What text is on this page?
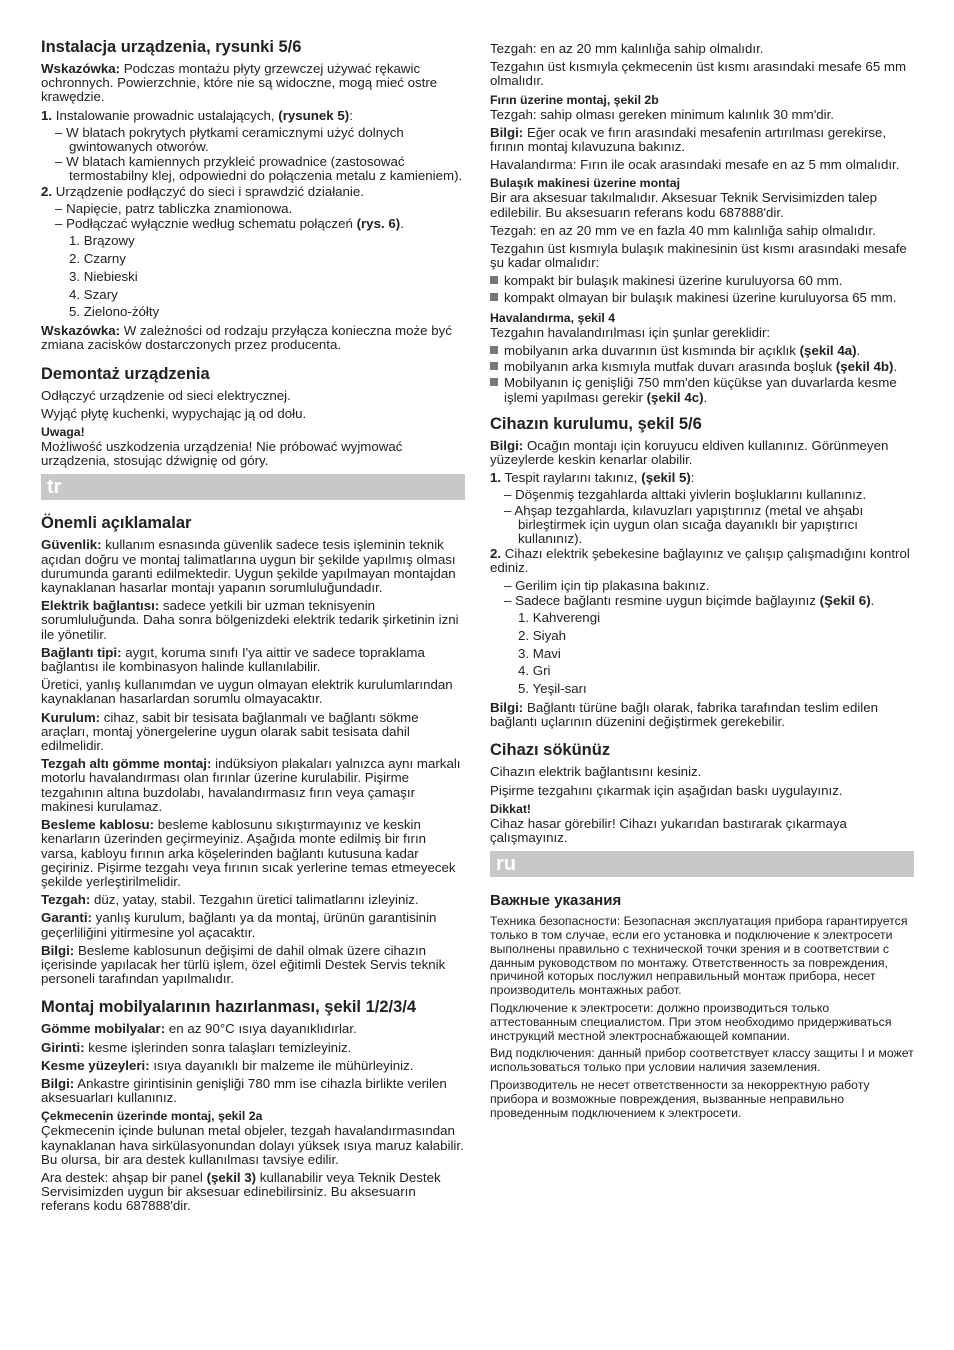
Instalacja urządzenia, rysunki 5/6

Wskazówka: Podczas montażu płyty grzewczej używać rękawic ochronnych. Powierzchnie, które nie są widoczne, mogą mieć ostre krawędzie.

1. Instalowanie prowadnic ustalających, (rysunek 5):

– W blatach pokrytych płytkami ceramicznymi użyć dolnych gwintowanych otworów.

– W blatach kamiennych przykleić prowadnice (zastosować termostabilny klej, odpowiedni do połączenia metalu z kamieniem).

2. Urządzenie podłączyć do sieci i sprawdzić działanie.

– Napięcie, patrz tabliczka znamionowa.

– Podłączać wyłącznie według schematu połączeń (rys. 6).

1. Brązowy
2. Czarny
3. Niebieski
4. Szary
5. Zielono-żółty

Wskazówka: W zależności od rodzaju przyłącza konieczna może być zmiana zacisków dostarczonych przez producenta.

Demontaż urządzenia

Odłączyć urządzenie od sieci elektrycznej.

Wyjąć płytę kuchenki, wypychając ją od dołu.

Uwaga!

Możliwość uszkodzenia urządzenia! Nie próbować wyjmować urządzenia, stosując dźwignię od góry.

tr
Önemli açıklamalar

Güvenlik: kullanım esnasında güvenlik sadece tesis işleminin teknik açıdan doğru ve montaj talimatlarına uygun bir şekilde yapılmış olması durumunda garanti edilmektedir. Uygun şekilde yapılmayan montajdan kaynaklanan hasarlar montajı yapanın sorumluluğundadır.

Elektrik bağlantısı: sadece yetkili bir uzman teknisyenin sorumluluğunda. Daha sonra bölgenizdeki elektrik tedarik şirketinin izni ile yönetilir.

Bağlantı tipi: aygıt, koruma sınıfı I'ya aittir ve sadece topraklama bağlantısı ile kombinasyon halinde kullanılabilir.

Üretici, yanlış kullanımdan ve uygun olmayan elektrik kurulumlarından kaynaklanan hasarlardan sorumlu olmayacaktır.

Kurulum: cihaz, sabit bir tesisata bağlanmalı ve bağlantı sökme araçları, montaj yönergelerine uygun olarak sabit tesisata dahil edilmelidir.

Tezgah altı gömme montaj: indüksiyon plakaları yalnızca aynı markalı motorlu havalandırması olan fırınlar üzerine kurulabilir. Pişirme tezgahının altına buzdolabı, havalandırmasız fırın veya çamaşır makinesi kurulamaz.

Besleme kablosu: besleme kablosunu sıkıştırmayınız ve keskin kenarların üzerinden geçirmeyiniz. Aşağıda monte edilmiş bir fırın varsa, kabloyu fırının arka köşelerinden bağlantı kutusuna kadar geçiriniz. Pişirme tezgahı veya fırının sıcak yerlerine temas etmeyecek şekilde yerleştirilmelidir.

Tezgah: düz, yatay, stabil. Tezgahın üretici talimatlarını izleyiniz.

Garanti: yanlış kurulum, bağlantı ya da montaj, ürünün garantisinin geçerliliğini yitirmesine yol açacaktır.

Bilgi: Besleme kablosunun değişimi de dahil olmak üzere cihazın içerisinde yapılacak her türlü işlem, özel eğitimli Destek Servis teknik personeli tarafından yapılmalıdır.

Montaj mobilyalarının hazırlanması, şekil 1/2/3/4

Gömme mobilyalar: en az 90°C ısıya dayanıklıdırlar.

Girinti: kesme işlerinden sonra talaşları temizleyiniz.

Kesme yüzeyleri: ısıya dayanıklı bir malzeme ile mühürleyiniz.

Bilgi: Ankastre girintisinin genişliği 780 mm ise cihazla birlikte verilen aksesuarları kullanınız.

Çekmecenin üzerinde montaj, şekil 2a

Çekmecenin içinde bulunan metal objeler, tezgah havalandırmasından kaynaklanan hava sirkülasyonundan dolayı yüksek ısıya maruz kalabilir. Bu olursa, bir ara destek kullanılması tavsiye edilir.

Ara destek: ahşap bir panel (şekil 3) kullanabilir veya Teknik Destek Servisimizden uygun bir aksesuar edinebilirsiniz. Bu aksesuarın referans kodu 687888'dir.

Tezgah: en az 20 mm kalınlığa sahip olmalıdır.

Tezgahın üst kısmıyla çekmecenin üst kısmı arasındaki mesafe 65 mm olmalıdır.

Fırın üzerine montaj, şekil 2b

Tezgah: sahip olması gereken minimum kalınlık 30 mm'dir.

Bilgi: Eğer ocak ve fırın arasındaki mesafenin artırılması gerekirse, fırının montaj kılavuzuna bakınız.

Havalandırma: Fırın ile ocak arasındaki mesafe en az 5 mm olmalıdır.

Bulaşık makinesi üzerine montaj

Bir ara aksesuar takılmalıdır. Aksesuar Teknik Servisimizden talep edilebilir. Bu aksesuarın referans kodu 687888'dir.

Tezgah: en az 20 mm ve en fazla 40 mm kalınlığa sahip olmalıdır.

Tezgahın üst kısmıyla bulaşık makinesinin üst kısmı arasındaki mesafe şu kadar olmalıdır:

kompakt bir bulaşık makinesi üzerine kuruluyorsa 60 mm.

kompakt olmayan bir bulaşık makinesi üzerine kuruluyorsa 65 mm.

Havalandırma, şekil 4

Tezgahın havalandırılması için şunlar gereklidir:

mobilyanın arka duvarının üst kısmında bir açıklık (şekil 4a).

mobilyanın arka kısmıyla mutfak duvarı arasında boşluk (şekil 4b).

Mobilyanın iç genişliği 750 mm'den küçükse yan duvarlarda kesme işlemi yapılması gerekir (şekil 4c).

Cihazın kurulumu, şekil 5/6

Bilgi: Ocağın montajı için koruyucu eldiven kullanınız. Görünmeyen yüzeylerde keskin kenarlar olabilir.

1. Tespit raylarını takınız, (şekil 5):

– Döşenmiş tezgahlarda alttaki yivlerin boşluklarını kullanınız.

– Ahşap tezgahlarda, kılavuzları yapıştırınız (metal ve ahşabı birleştirmek için uygun olan sıcağa dayanıklı bir yapıştırıcı kullanınız).

2. Cihazı elektrik şebekesine bağlayınız ve çalışıp çalışmadığını kontrol ediniz.

– Gerilim için tip plakasına bakınız.

– Sadece bağlantı resmine uygun biçimde bağlayınız (Şekil 6).

1. Kahverengi
2. Siyah
3. Mavi
4. Gri
5. Yeşil-sarı

Bilgi: Bağlantı türüne bağlı olarak, fabrika tarafından teslim edilen bağlantı uçlarının düzenini değiştirmek gerekebilir.

Cihazı sökünüz

Cihazın elektrik bağlantısını kesiniz.

Pişirme tezgahını çıkarmak için aşağıdan baskı uygulayınız.

Dikkat!

Cihaz hasar görebilir! Cihazı yukarıdan bastırarak çıkarmaya çalışmayınız.

ru
Важные указания

Техника безопасности: Безопасная эксплуатация прибора гарантируется только в том случае, если его установка и подключение к электросети выполнены правильно с технической точки зрения и в соответствии с данным руководством по монтажу. Ответственность за повреждения, причиной которых послужил неправильный монтаж прибора, несет производитель монтажных работ.

Подключение к электросети: должно производиться только аттестованным специалистом. При этом необходимо придерживаться инструкций местной электроснабжающей компании.

Вид подключения: данный прибор соответствует классу защиты I и может использоваться только при условии наличия заземления.

Производитель не несет ответственности за некорректную работу прибора и возможные повреждения, вызванные неправильно проведенным подключением к электросети.
